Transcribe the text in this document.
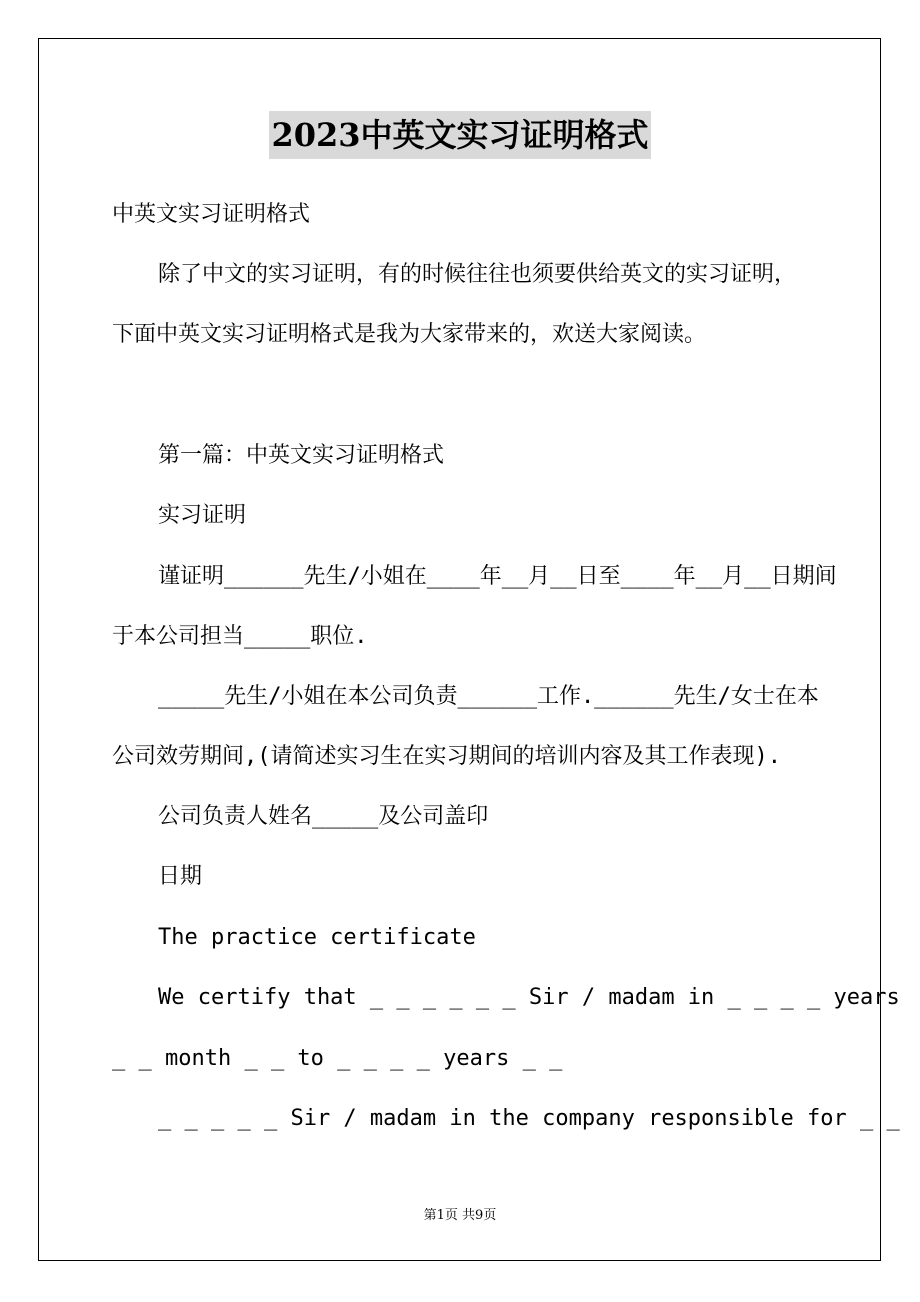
2023中英文实习证明格式
中英文实习证明格式
除了中文的实习证明，有的时候往往也须要供给英文的实习证明，
下面中英文实习证明格式是我为大家带来的，欢送大家阅读。
第一篇：中英文实习证明格式
实习证明
谨证明______先生/小姐在____年__月__日至____年__月__日期间
于本公司担当_____职位.
_____先生/小姐在本公司负责______工作.______先生/女士在本
公司效劳期间,(请简述实习生在实习期间的培训内容及其工作表现).
公司负责人姓名_____及公司盖印
日期
The practice certificate
We certify that _ _ _ _ _ _ Sir / madam in _ _ _ _ years
_ _ month _ _ to _ _ _ _ years _ _
_ _ _ _ _ Sir / madam in the company responsible for _ _
第1页 共9页
